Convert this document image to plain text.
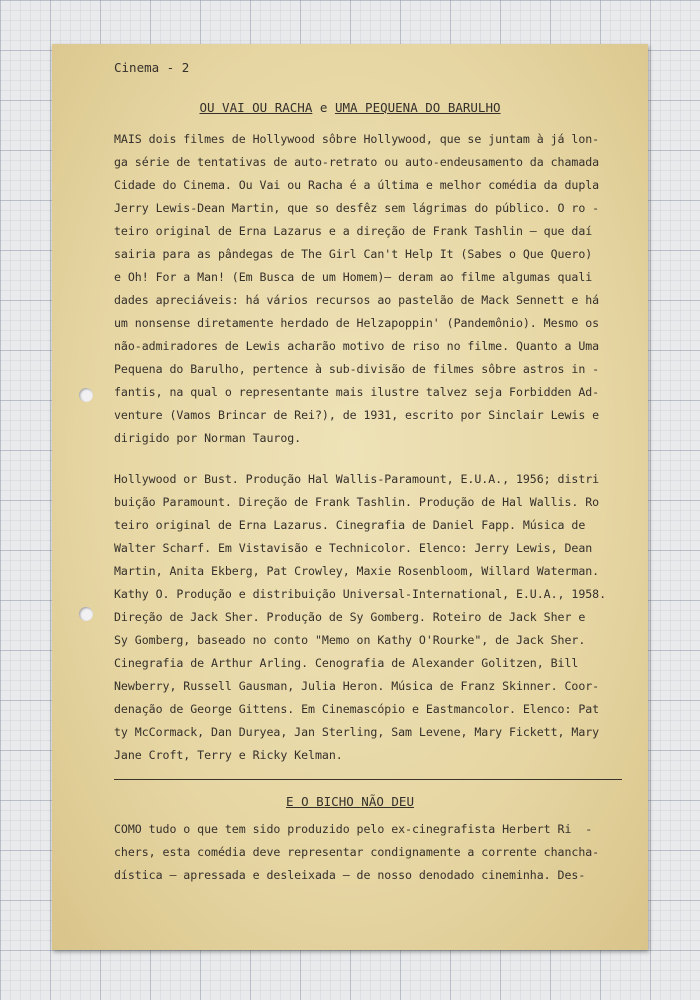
Cinema - 2
OU VAI OU RACHA e UMA PEQUENA DO BARULHO
MAIS dois filmes de Hollywood sôbre Hollywood, que se juntam à já lon-
ga série de tentativas de auto-retrato ou auto-endeusamento da chamada
Cidade do Cinema. Ou Vai ou Racha é a última e melhor comédia da dupla
Jerry Lewis-Dean Martin, que so desfêz sem lágrimas do público. O ro -
teiro original de Erna Lazarus e a direção de Frank Tashlin — que daí
sairia para as pândegas de The Girl Can't Help It (Sabes o Que Quero)
e Oh! For a Man! (Em Busca de um Homem)— deram ao filme algumas quali
dades apreciáveis: há vários recursos ao pastelão de Mack Sennett e há
um nonsense diretamente herdado de Helzapoppin' (Pandemônio). Mesmo os
não-admiradores de Lewis acharão motivo de riso no filme. Quanto a Uma
Pequena do Barulho, pertence à sub-divisão de filmes sôbre astros in -
fantis, na qual o representante mais ilustre talvez seja Forbidden Ad-
venture (Vamos Brincar de Rei?), de 1931, escrito por Sinclair Lewis e
dirigido por Norman Taurog.
Hollywood or Bust. Produção Hal Wallis-Paramount, E.U.A., 1956; distri
buição Paramount. Direção de Frank Tashlin. Produção de Hal Wallis. Ro
teiro original de Erna Lazarus. Cinegrafia de Daniel Fapp. Música de
Walter Scharf. Em Vistavisão e Technicolor. Elenco: Jerry Lewis, Dean
Martin, Anita Ekberg, Pat Crowley, Maxie Rosenbloom, Willard Waterman.
Kathy O. Produção e distribuição Universal-International, E.U.A., 1958.
Direção de Jack Sher. Produção de Sy Gomberg. Roteiro de Jack Sher e
Sy Gomberg, baseado no conto "Memo on Kathy O'Rourke", de Jack Sher.
Cinegrafia de Arthur Arling. Cenografia de Alexander Golitzen, Bill
Newberry, Russell Gausman, Julia Heron. Música de Franz Skinner. Coor-
denação de George Gittens. Em Cinemascópio e Eastmancolor. Elenco: Pat
ty McCormack, Dan Duryea, Jan Sterling, Sam Levene, Mary Fickett, Mary
Jane Croft, Terry e Ricky Kelman.
E O BICHO NÃO DEU
COMO tudo o que tem sido produzido pelo ex-cinegrafista Herbert Ri  -
chers, esta comédia deve representar condignamente a corrente chancha-
dística — apressada e desleixada — de nosso denodado cineminha. Des-
